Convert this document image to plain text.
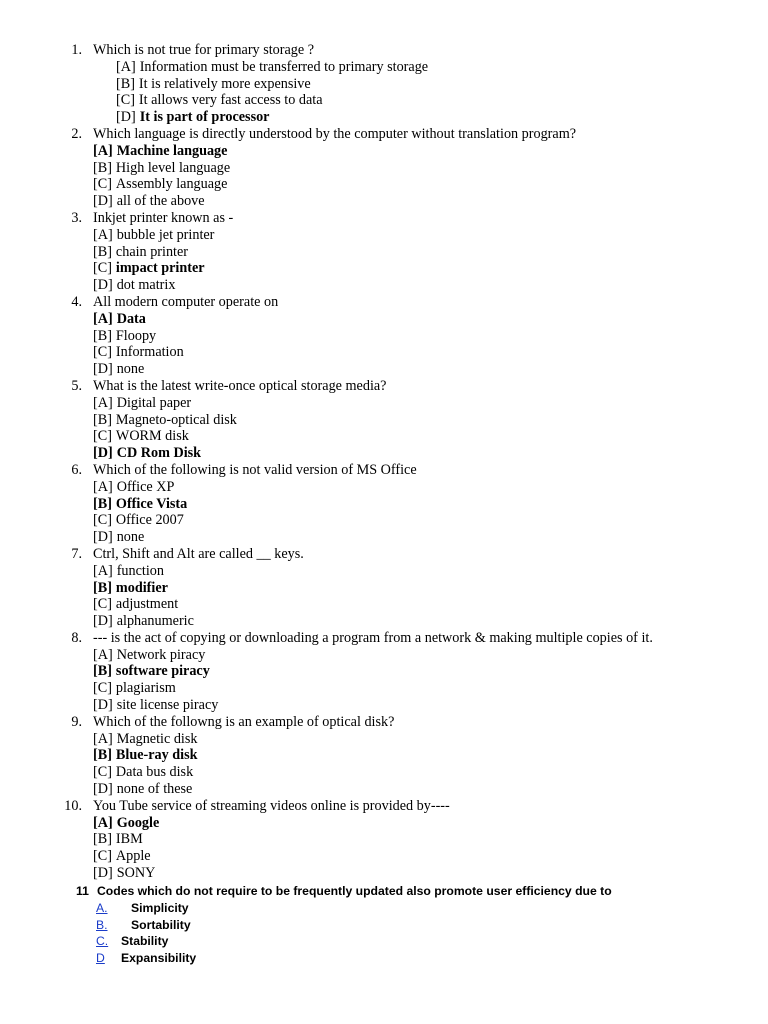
1. Which is not true for primary storage ?
[A] Information must be transferred to primary storage
[B] It is relatively more expensive
[C] It allows very fast access to data
[D] It is part of processor
2. Which language is directly understood by the computer without translation program?
[A] Machine language
[B] High level language
[C] Assembly language
[D] all of the above
3. Inkjet printer known as -
[A] bubble jet printer
[B] chain printer
[C] impact printer
[D] dot matrix
4. All modern computer operate on
[A] Data
[B] Floopy
[C] Information
[D] none
5. What is the latest write-once optical storage media?
[A] Digital paper
[B] Magneto-optical disk
[C] WORM disk
[D] CD Rom Disk
6. Which of the following is not valid version of MS Office
[A] Office XP
[B] Office Vista
[C] Office 2007
[D] none
7. Ctrl, Shift and Alt are called __ keys.
[A] function
[B] modifier
[C] adjustment
[D] alphanumeric
8. --- is the act of copying or downloading a program from a network & making multiple copies of it.
[A] Network piracy
[B] software piracy
[C] plagiarism
[D] site license piracy
9. Which of the followng is an example of optical disk?
[A] Magnetic disk
[B] Blue-ray disk
[C] Data bus disk
[D] none of these
10. You Tube service of streaming videos online is provided by----
[A] Google
[B] IBM
[C] Apple
[D] SONY
11 Codes which do not require to be frequently updated also promote user efficiency due to
A. Simplicity
B. Sortability
C. Stability
D Expansibility
